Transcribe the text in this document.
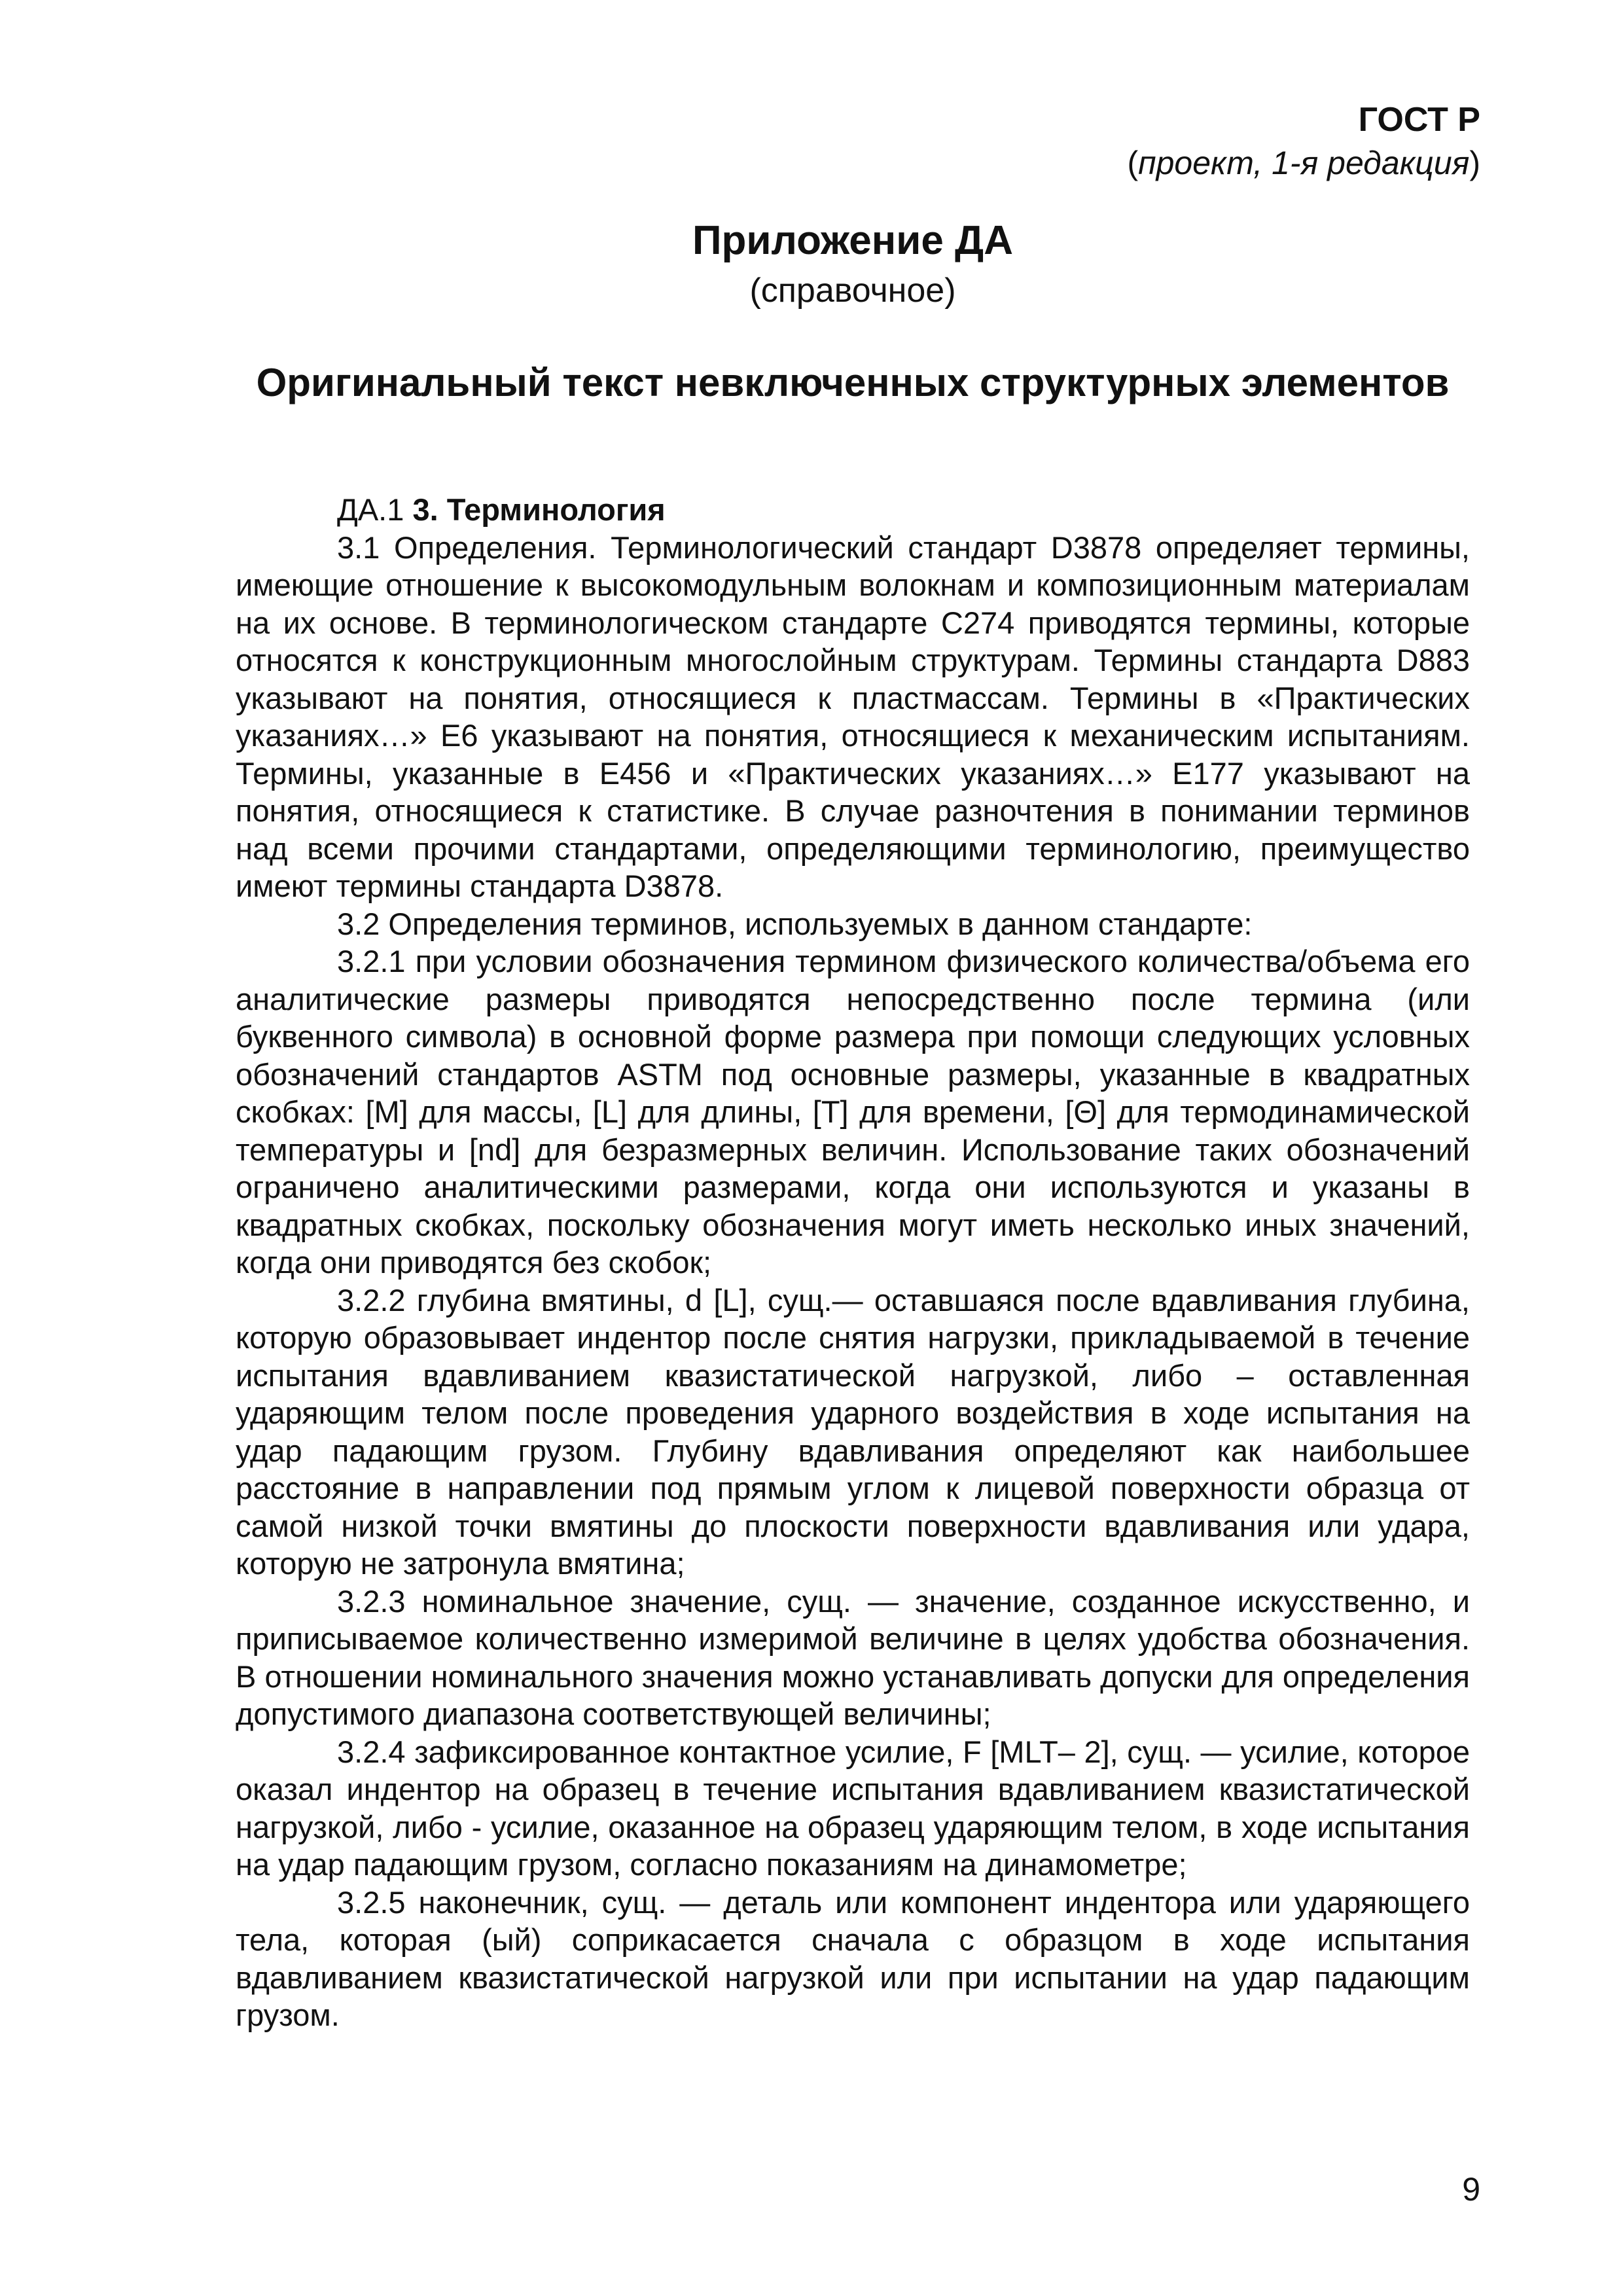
ГОСТ Р
(проект, 1-я редакция)
Приложение ДА
(справочное)
Оригинальный текст невключенных структурных элементов

ДА.1 3. Терминология

3.1 Определения. Терминологический стандарт D3878 определяет термины, имеющие отношение к высокомодульным волокнам и композиционным материалам на их основе. В терминологическом стандарте С274 приводятся термины, которые относятся к конструкционным многослойным структурам. Термины стандарта D883 указывают на понятия, относящиеся к пластмассам. Термины в «Практических указаниях…» Е6 указывают на понятия, относящиеся к механическим испытаниям. Термины, указанные в Е456 и «Практических указаниях…» Е177 указывают на понятия, относящиеся к статистике. В случае разночтения в понимании терминов над всеми прочими стандартами, определяющими терминологию, преимущество имеют термины стандарта D3878.

3.2 Определения терминов, используемых в данном стандарте:

3.2.1 при условии обозначения термином физического количества/объема его аналитические размеры приводятся непосредственно после термина (или буквенного символа) в основной форме размера при помощи следующих условных обозначений стандартов ASTM под основные размеры, указанные в квадратных скобках: [M] для массы, [L] для длины, [T] для времени, [Θ] для термодинамической температуры и [nd] для безразмерных величин. Использование таких обозначений ограничено аналитическими размерами, когда они используются и указаны в квадратных скобках, поскольку обозначения могут иметь несколько иных значений, когда они приводятся без скобок;

3.2.2 глубина вмятины, d [L], сущ.— оставшаяся после вдавливания глубина, которую образовывает индентор после снятия нагрузки, прикладываемой в течение испытания вдавливанием квазистатической нагрузкой, либо – оставленная ударяющим телом после проведения ударного воздействия в ходе испытания на удар падающим грузом. Глубину вдавливания определяют как наибольшее расстояние в направлении под прямым углом к лицевой поверхности образца от самой низкой точки вмятины до плоскости поверхности вдавливания или удара, которую не затронула вмятина;

3.2.3 номинальное значение, сущ. — значение, созданное искусственно, и приписываемое количественно измеримой величине в целях удобства обозначения. В отношении номинального значения можно устанавливать допуски для определения допустимого диапазона соответствующей величины;

3.2.4 зафиксированное контактное усилие, F [MLT– 2], сущ. — усилие, которое оказал индентор на образец в течение испытания вдавливанием квазистатической нагрузкой, либо - усилие, оказанное на образец ударяющим телом, в ходе испытания на удар падающим грузом, согласно показаниям на динамометре;

3.2.5 наконечник, сущ. — деталь или компонент индентора или ударяющего тела, которая (ый) соприкасается сначала с образцом в ходе испытания вдавливанием квазистатической нагрузкой или при испытании на удар падающим грузом.

9
